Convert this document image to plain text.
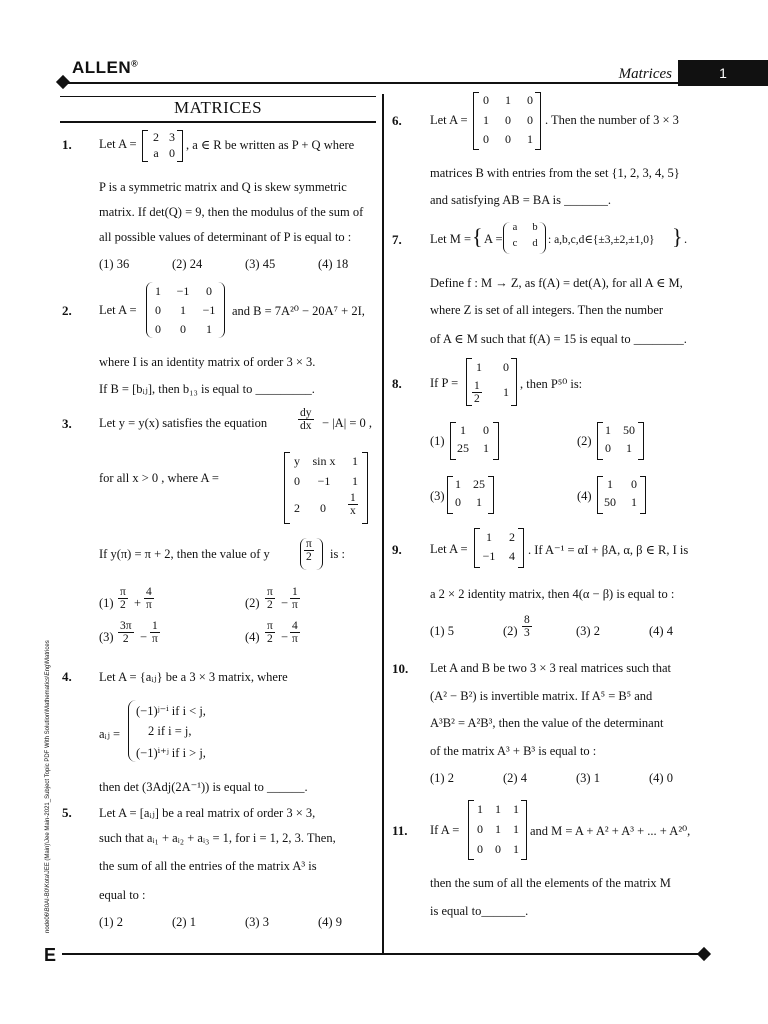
ALLEN®
Matrices	1
MATRICES
node06\B0AI-B0\Kota\JEE (Main)\Jee Main-2021_Subject Topic PDF With Solution\Mathematics\Eng\Matrices
1. Let A = 2 3
a 0
, a ∈ R be written as P + Q where
P is a symmetric matrix and Q is skew symmetric
matrix. If det(Q) = 9, then the modulus of the sum of
all possible values of determinant of P is equal to :
(1) 36	(2) 24	(3) 45	(4) 18
2. Let A =
1	−1	0
0	1	−1
0	0	1
and B = 7A²⁰ − 20A⁷ + 2I,
where I is an identity matrix of order 3 × 3.
If B = [bᵢⱼ], then b₁₃ is equal to _________.
3. Let y = y(x) satisfies the equation	$\frac{dy}{dx} - |A| = 0$ ,
for all x > 0 , where A =
y	sin x	1
0	−1	1
2	0	$\frac{1}{x}$
If y(π) = π + 2, then the value of y	$\frac{\pi}{2}$ is :
$(1) \frac{\pi}{2} + \frac{4}{\pi}$	$(2) \frac{\pi}{2} - \frac{1}{\pi}$
$(3) \frac{3\pi}{2} - \frac{1}{\pi}$	$(4) \frac{\pi}{2} - \frac{4}{\pi}$
4. Let A = {aᵢⱼ} be a 3 × 3 matrix, where
aᵢⱼ =
(−1)ʲ⁻ⁱ if i < j,
2 if i = j,
(−1)ⁱ⁺ʲ if i > j,
then det (3Adj(2A⁻¹)) is equal to ______.
5. Let A = [aᵢⱼ] be a real matrix of order 3 × 3,
such that aᵢ₁ + aᵢ₂ + aᵢ₃ = 1, for i = 1, 2, 3. Then,
the sum of all the entries of the matrix A³ is
equal to :
(1) 2	(2) 1	(3) 3	(4) 9
6. Let A =
0 1 0
1 0 0
0 0 1
. Then the number of 3 × 3
matrices B with entries from the set {1, 2, 3, 4, 5}
and satisfying AB = BA is _______.
7. Let M = { A =
a b
c d : a,b,c,d∈{±3,±2,±1,0} } .
Define f : M → Z, as f(A) = det(A), for all A ∈ M,
where Z is set of all integers. Then the number
of A ∈ M such that f(A) = 15 is equal to ________.
8. If P =
1	0
$\frac{1}{2} 1$
, then P⁵⁰ is:
(1)
1	0
25 1	(2)
1 50
0	1
(3)
1 25
0	1	(4)
1	0
50 1
9. Let A =
1	2
−1 4 . If A⁻¹ = αI + βA, α, β ∈ R, I is
a 2 × 2 identity matrix, then 4(α − β) is equal to :
(1) 5	$(2) \frac{8}{3}$	(3) 2	(4) 4
10. Let A and B be two 3 × 3 real matrices such that
(A² − B²) is invertible matrix. If A⁵ = B⁵ and
A³B² = A²B³, then the value of the determinant
of the matrix A³ + B³ is equal to :
(1) 2	(2) 4	(3) 1	(4) 0
11. If A =
1 1 1
0 1 1
0 0 1
and M = A + A² + A³ + ... + A²⁰,
then the sum of all the elements of the matrix M
is equal to_______.
E
